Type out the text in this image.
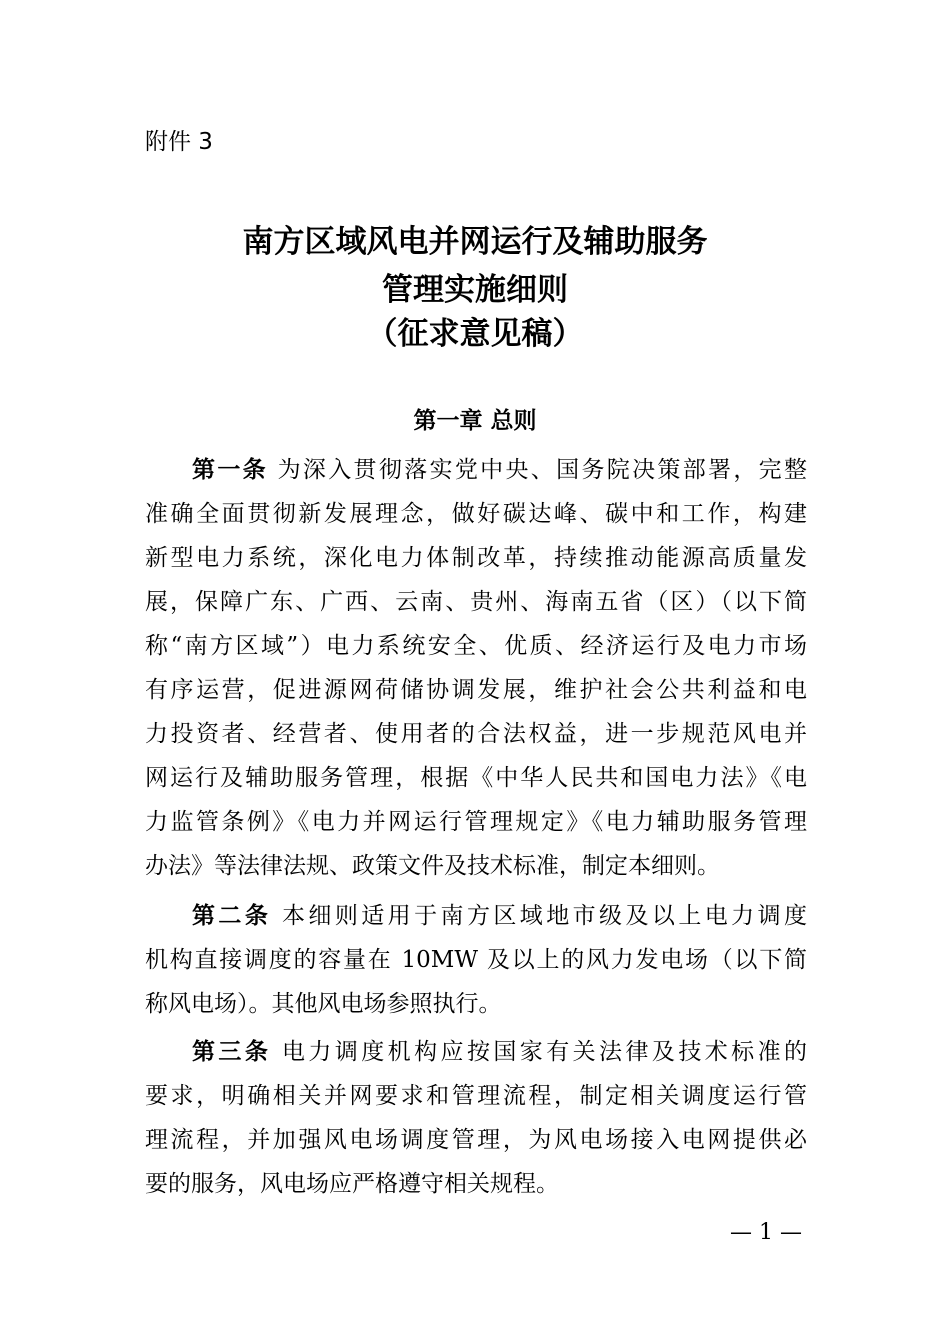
附件 3
南方区域风电并网运行及辅助服务
管理实施细则
（征求意见稿）
第一章 总则
第一条 为深入贯彻落实党中央、国务院决策部署，完整
准确全面贯彻新发展理念，做好碳达峰、碳中和工作，构建
新型电力系统，深化电力体制改革，持续推动能源高质量发
展，保障广东、广西、云南、贵州、海南五省（区）（以下简
称“南方区域”）电力系统安全、优质、经济运行及电力市场
有序运营，促进源网荷储协调发展，维护社会公共利益和电
力投资者、经营者、使用者的合法权益，进一步规范风电并
网运行及辅助服务管理，根据《中华人民共和国电力法》《电
力监管条例》《电力并网运行管理规定》《电力辅助服务管理
办法》等法律法规、政策文件及技术标准，制定本细则。
第二条 本细则适用于南方区域地市级及以上电力调度
机构直接调度的容量在 10MW 及以上的风力发电场（以下简
称风电场）。其他风电场参照执行。
第三条 电力调度机构应按国家有关法律及技术标准的
要求，明确相关并网要求和管理流程，制定相关调度运行管
理流程，并加强风电场调度管理，为风电场接入电网提供必
要的服务，风电场应严格遵守相关规程。
— 1 —
